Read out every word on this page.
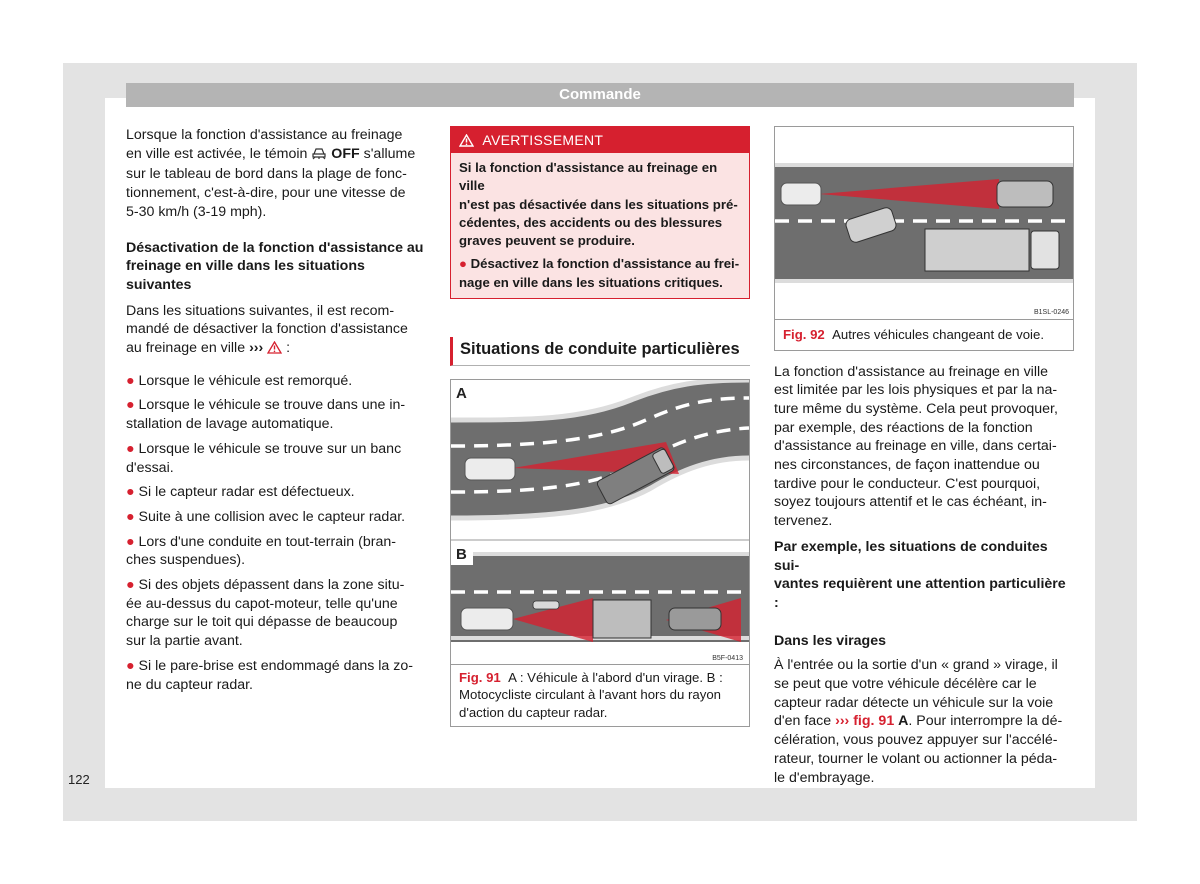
Commande
122

Lorsque la fonction d'assistance au freinage
en ville est activée, le témoin OFF s'allume
sur le tableau de bord dans la plage de fonc-
tionnement, c'est-à-dire, pour une vitesse de
5-30 km/h (3-19 mph).

Désactivation de la fonction d'assistance au
freinage en ville dans les situations
suivantes

Dans les situations suivantes, il est recom-
mandé de désactiver la fonction d'assistance
au freinage en ville ››› :

● Lorsque le véhicule est remorqué.

● Lorsque le véhicule se trouve dans une in-
stallation de lavage automatique.

● Lorsque le véhicule se trouve sur un banc
d'essai.

● Si le capteur radar est défectueux.

● Suite à une collision avec le capteur radar.

● Lors d'une conduite en tout-terrain (bran-
ches suspendues).

● Si des objets dépassent dans la zone situ-
ée au-dessus du capot-moteur, telle qu'une
charge sur le toit qui dépasse de beaucoup
sur la partie avant.

● Si le pare-brise est endommagé dans la zo-
ne du capteur radar.

AVERTISSEMENT
Si la fonction d'assistance au freinage en ville
n'est pas désactivée dans les situations pré-
cédentes, des accidents ou des blessures
graves peuvent se produire.
● Désactivez la fonction d'assistance au frei-
nage en ville dans les situations critiques.
Situations de conduite particulières
A
B
B5F-0413
Fig. 91 A : Véhicule à l'abord d'un virage. B :
Motocycliste circulant à l'avant hors du rayon
d'action du capteur radar.
B1SL-0246
Fig. 92 Autres véhicules changeant de voie.

La fonction d'assistance au freinage en ville
est limitée par les lois physiques et par la na-
ture même du système. Cela peut provoquer,
par exemple, des réactions de la fonction
d'assistance au freinage en ville, dans certai-
nes circonstances, de façon inattendue ou
tardive pour le conducteur. C'est pourquoi,
soyez toujours attentif et le cas échéant, in-
tervenez.

Par exemple, les situations de conduites sui-
vantes requièrent une attention particulière :

Dans les virages

À l'entrée ou la sortie d'un « grand » virage, il
se peut que votre véhicule décélère car le
capteur radar détecte un véhicule sur la voie
d'en face ››› fig. 91 A. Pour interrompre la dé-
célération, vous pouvez appuyer sur l'accélé-
rateur, tourner le volant ou actionner la péda-
le d'embrayage.
